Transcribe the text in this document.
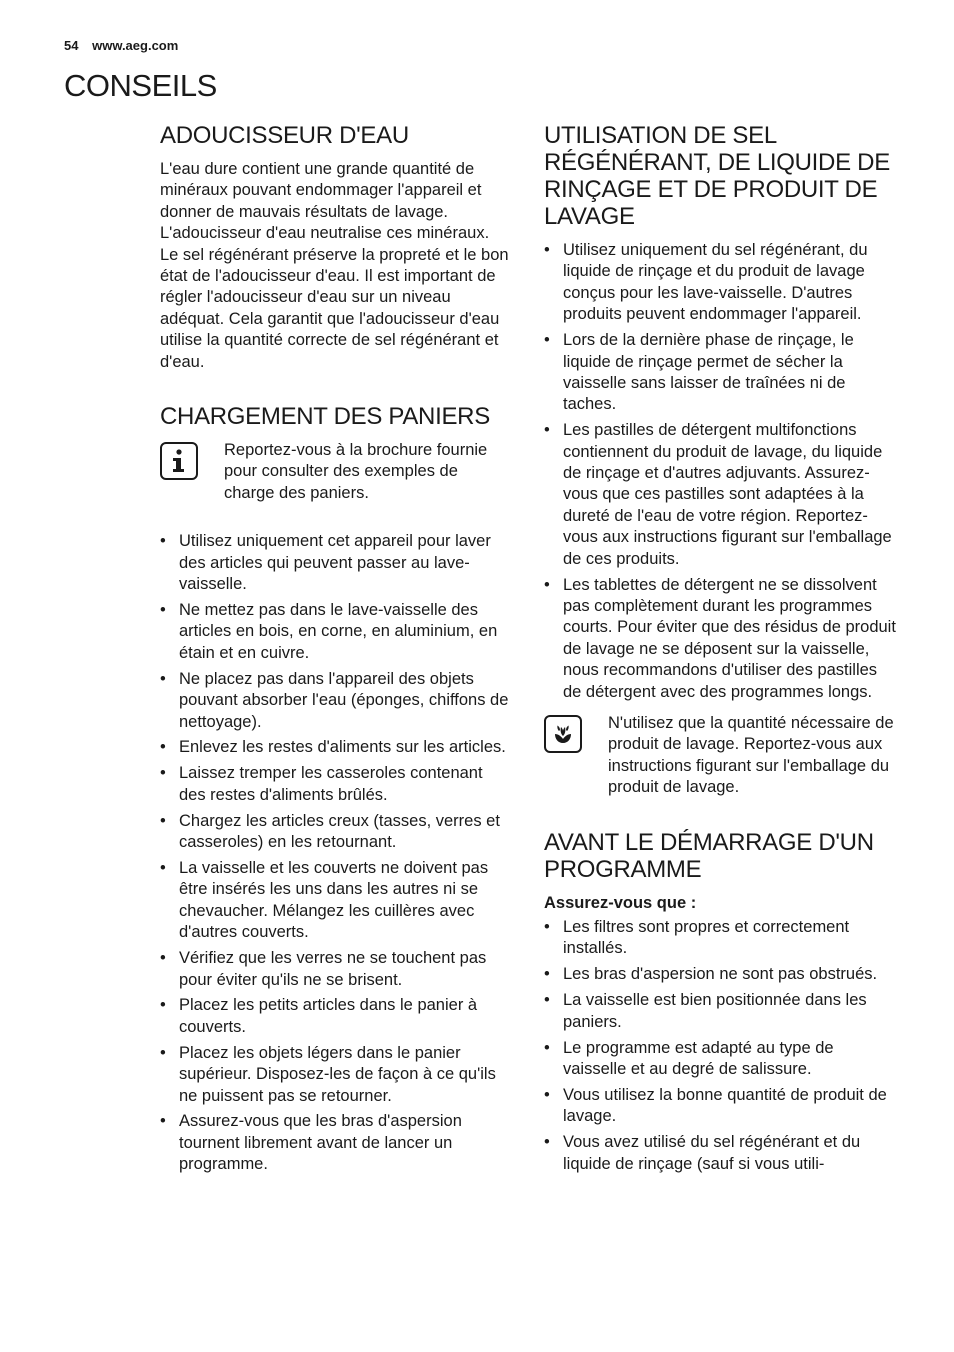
54 www.aeg.com
CONSEILS
ADOUCISSEUR D'EAU

L'eau dure contient une grande quantité de minéraux pouvant endommager l'appareil et donner de mauvais résultats de lavage. L'adoucisseur d'eau neutralise ces minéraux.

Le sel régénérant préserve la propreté et le bon état de l'adoucisseur d'eau. Il est important de régler l'adoucisseur d'eau sur un niveau adéquat. Cela garantit que l'adoucisseur d'eau utilise la quantité correcte de sel régénérant et d'eau.

CHARGEMENT DES PANIERS

Reportez-vous à la brochure fournie pour consulter des exemples de charge des paniers.

• Utilisez uniquement cet appareil pour laver des articles qui peuvent passer au lave-vaisselle.
• Ne mettez pas dans le lave-vaisselle des articles en bois, en corne, en aluminium, en étain et en cuivre.
• Ne placez pas dans l'appareil des objets pouvant absorber l'eau (éponges, chiffons de nettoyage).
• Enlevez les restes d'aliments sur les articles.
• Laissez tremper les casseroles contenant des restes d'aliments brûlés.
• Chargez les articles creux (tasses, verres et casseroles) en les retournant.
• La vaisselle et les couverts ne doivent pas être insérés les uns dans les autres ni se chevaucher. Mélangez les cuillères avec d'autres couverts.
• Vérifiez que les verres ne se touchent pas pour éviter qu'ils ne se brisent.
• Placez les petits articles dans le panier à couverts.
• Placez les objets légers dans le panier supérieur. Disposez-les de façon à ce qu'ils ne puissent pas se retourner.
• Assurez-vous que les bras d'aspersion tournent librement avant de lancer un programme.
UTILISATION DE SEL RÉGÉNÉRANT, DE LIQUIDE DE RINÇAGE ET DE PRODUIT DE LAVAGE
• Utilisez uniquement du sel régénérant, du liquide de rinçage et du produit de lavage conçus pour les lave-vaisselle. D'autres produits peuvent endommager l'appareil.
• Lors de la dernière phase de rinçage, le liquide de rinçage permet de sécher la vaisselle sans laisser de traînées ni de taches.
• Les pastilles de détergent multifonctions contiennent du produit de lavage, du liquide de rinçage et d'autres adjuvants. Assurez-vous que ces pastilles sont adaptées à la dureté de l'eau de votre région. Reportez-vous aux instructions figurant sur l'emballage de ces produits.
• Les tablettes de détergent ne se dissolvent pas complètement durant les programmes courts. Pour éviter que des résidus de produit de lavage ne se déposent sur la vaisselle, nous recommandons d'utiliser des pastilles de détergent avec des programmes longs.

N'utilisez que la quantité nécessaire de produit de lavage. Reportez-vous aux instructions figurant sur l'emballage du produit de lavage.

AVANT LE DÉMARRAGE D'UN PROGRAMME
Assurez-vous que :
• Les filtres sont propres et correctement installés.
• Les bras d'aspersion ne sont pas obstrués.
• La vaisselle est bien positionnée dans les paniers.
• Le programme est adapté au type de vaisselle et au degré de salissure.
• Vous utilisez la bonne quantité de produit de lavage.
• Vous avez utilisé du sel régénérant et du liquide de rinçage (sauf si vous utili-
